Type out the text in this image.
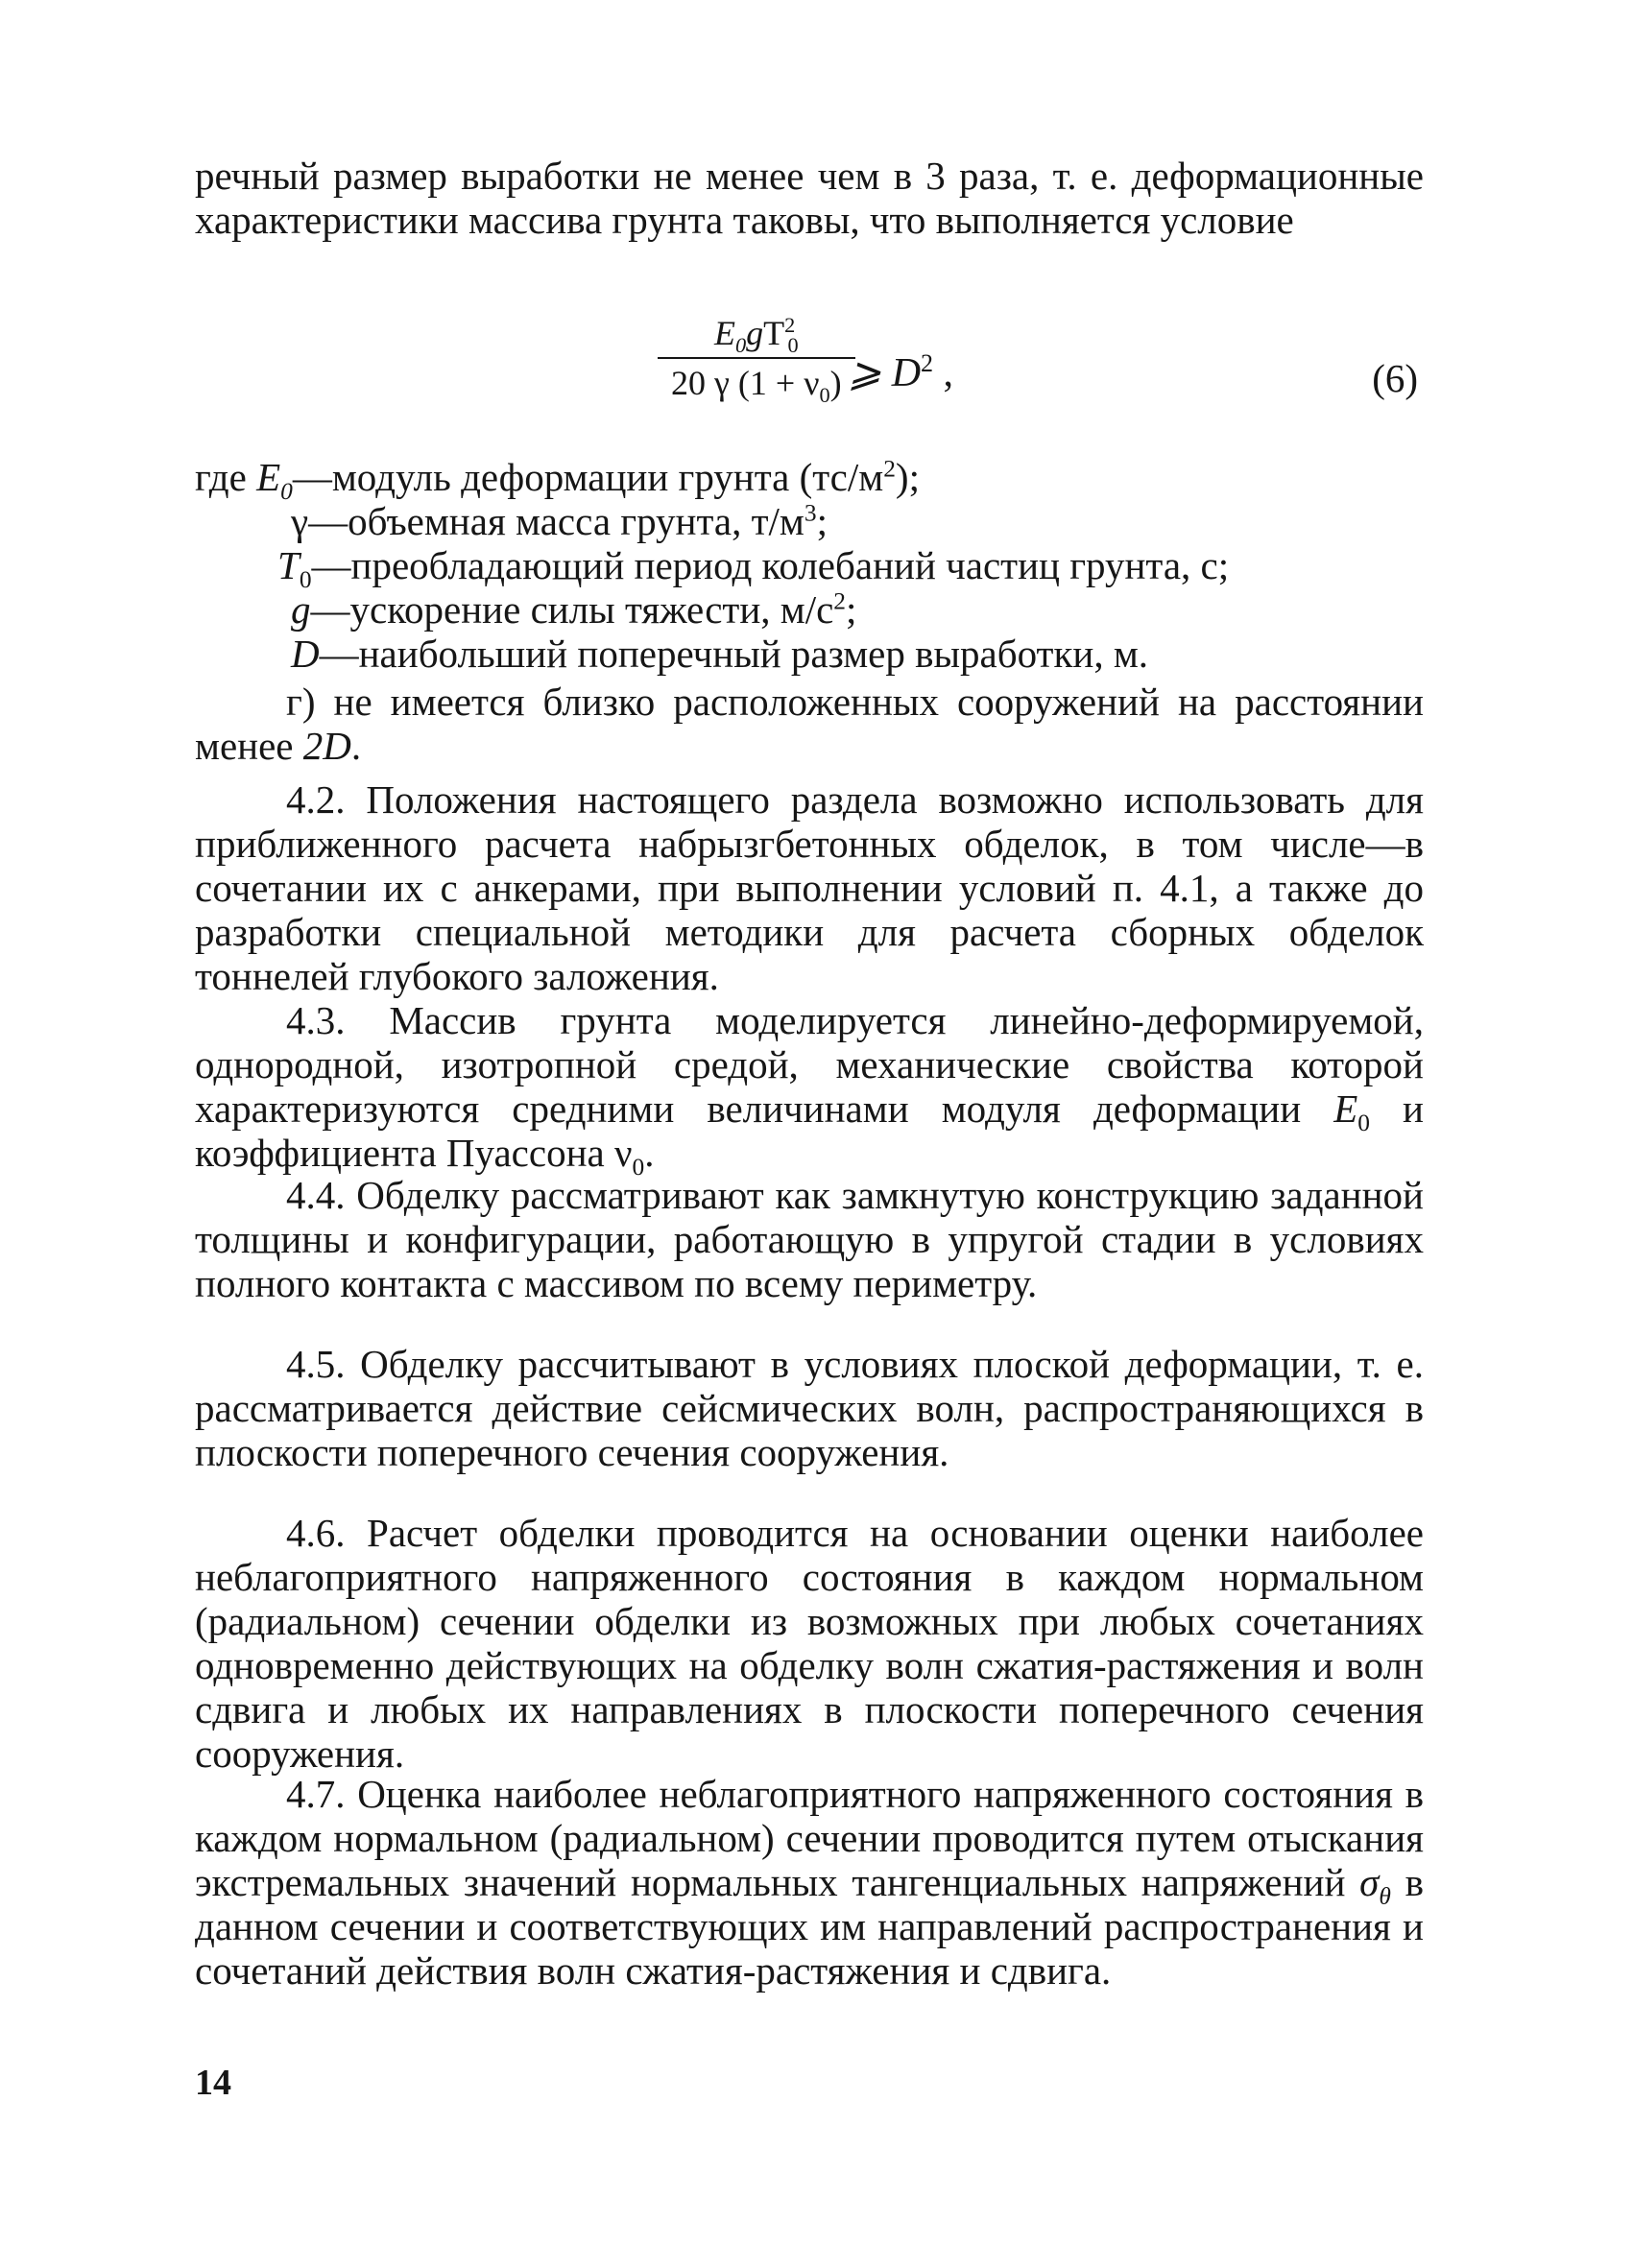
речный размер выработки не менее чем в 3 раза, т. е. деформационные характеристики массива грунта таковы, что выполняется условие

$E_0gT^2_0$
20 γ $(1 + \nu_0)$ ⩾ $D^2$ ,	(6)

где $E_0—модуль$ деформации грунта $(тс/м^2)$;

γ—объемная масса грунта, $т/м^3$;

$T_0—преобладающий$ период колебаний частиц грунта, с;

g—ускорение силы тяжести, $м/с^2$;

D—наибольший поперечный размер выработки, м.

г) не имеется близко расположенных сооружений на расстоянии менее 2D.

4.2. Положения настоящего раздела возможно использовать для приближенного расчета набрызгбетонных обделок, в том числе—в сочетании их с анкерами, при выполнении условий п. 4.1, а также до разработки специальной методики для расчета сборных обделок тоннелей глубокого заложения.

4.3. Массив грунта моделируется линейно-деформируемой, однородной, изотропной средой, механические свойства которой характеризуются средними величинами модуля деформации $E_0$ и коэффициента Пуассона $\nu_0$.

4.4. Обделку рассматривают как замкнутую конструкцию заданной толщины и конфигурации, работающую в упругой стадии в условиях полного контакта с массивом по всему периметру.

4.5. Обделку рассчитывают в условиях плоской деформации, т. е. рассматривается действие сейсмических волн, распространяющихся в плоскости поперечного сечения сооружения.

4.6. Расчет обделки проводится на основании оценки наиболее неблагоприятного напряженного состояния в каждом нормальном (радиальном) сечении обделки из возможных при любых сочетаниях одновременно действующих на обделку волн сжатия-растяжения и волн сдвига и любых их направлениях в плоскости поперечного сечения сооружения.

4.7. Оценка наиболее неблагоприятного напряженного состояния в каждом нормальном (радиальном) сечении проводится путем отыскания экстремальных значений нормальных тангенциальных напряжений $\sigma_\theta$ в данном сечении и соответствующих им направлений распространения и сочетаний действия волн сжатия-растяжения и сдвига.

14
